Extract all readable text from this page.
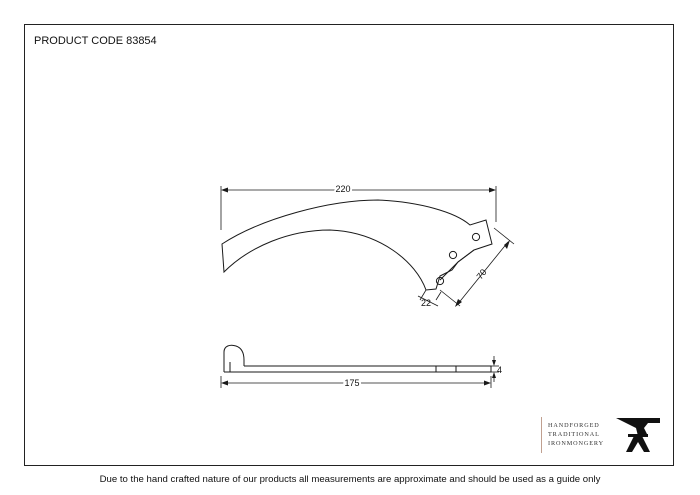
PRODUCT CODE 83854
220
70
22
175
4
HANDFORGED
TRADITIONAL
IRONMONGERY
Due to the hand crafted nature of our products all measurements are approximate and should be used as a guide only
